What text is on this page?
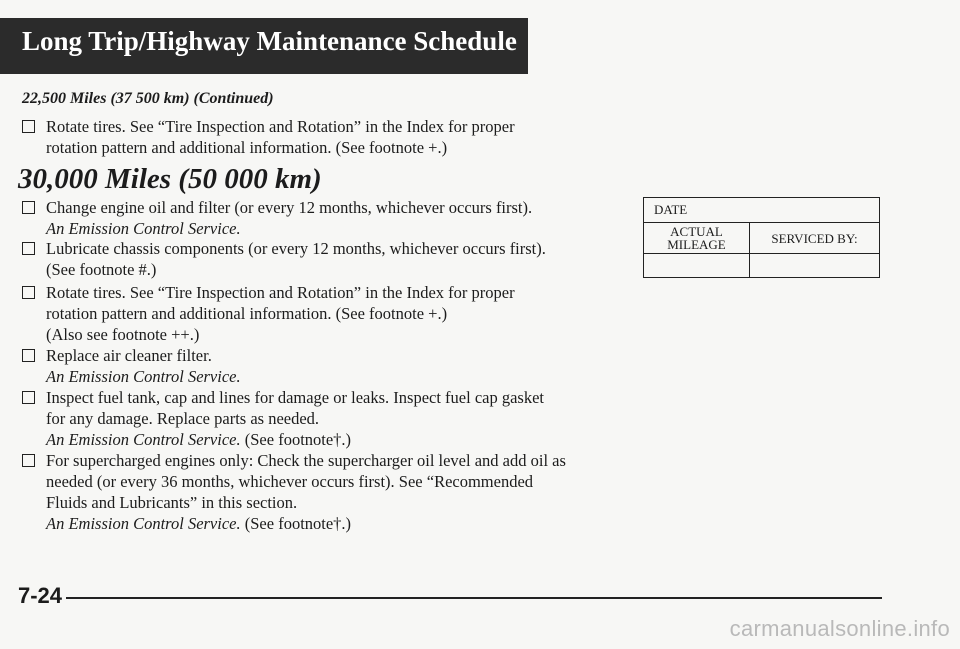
Long Trip/Highway Maintenance Schedule
22,500 Miles (37 500 km) (Continued)
Rotate tires. See “Tire Inspection and Rotation” in the Index for proper
rotation pattern and additional information. (See footnote +.)
30,000 Miles (50 000 km)
Change engine oil and filter (or every 12 months, whichever occurs first).
An Emission Control Service.
Lubricate chassis components (or every 12 months, whichever occurs first).
(See footnote #.)
Rotate tires. See “Tire Inspection and Rotation” in the Index for proper
rotation pattern and additional information. (See footnote +.)
(Also see footnote ++.)
Replace air cleaner filter.
An Emission Control Service.
Inspect fuel tank, cap and lines for damage or leaks. Inspect fuel cap gasket
for any damage. Replace parts as needed.
An Emission Control Service. (See footnote†.)
For supercharged engines only: Check the supercharger oil level and add oil as
needed (or every 36 months, whichever occurs first). See “Recommended
Fluids and Lubricants” in this section.
An Emission Control Service. (See footnote†.)
DATE	

ACTUAL
MILEAGE	SERVICED BY:

7-24
carmanualsonline.info
